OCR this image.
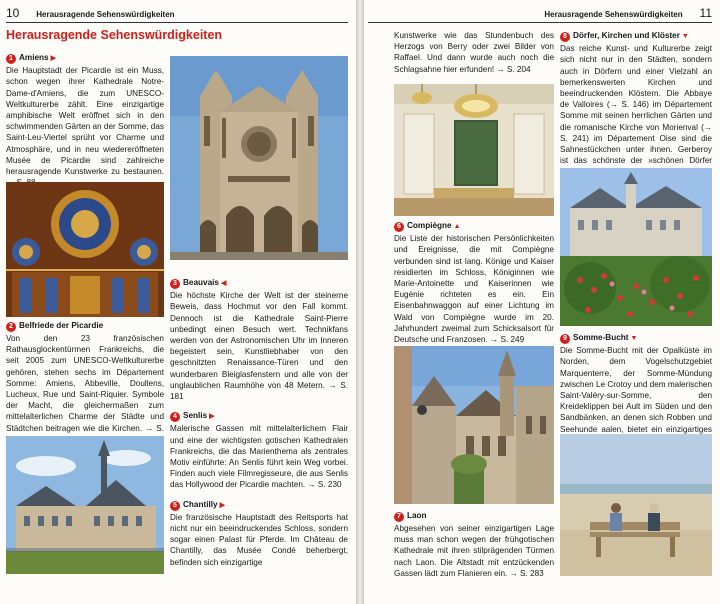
10 Herausragende Sehenswürdigkeiten
Herausragende Sehenswürdigkeiten
1 Amiens ▶
Die Hauptstadt der Picardie ist ein Muss, schon wegen ihrer Kathedrale Notre-Dame-d'Amiens, die zum UNESCO-Weltkulturerbe zählt. Eine einzigartige amphibische Welt eröffnet sich in den schwimmenden Gärten an der Somme, das Saint-Leu-Viertel sprüht vor Charme und Atmosphäre, und in neu wiedereröffneten Musée de Picardie sind zahlreiche herausragende Kunstwerke zu bestaunen.
2 Belfriede der Picardie
Von den 23 französischen Rathausglockentürmen Frankreichs, die seit 2005 zum UNESCO-Weltkulturerbe gehören, stehen sechs im Département Somme: Amiens, Abbeville, Doullens, Lucheux, Rue und Saint-Riquier. Symbole der Macht, die gleichermaßen zum mittelalterlichen Charme der Städte und Städtchen beitragen wie die Kirchen. → S.
3 Beauvais ◀
Die höchste Kirche der Welt ist der steinerne Beweis, dass Hochmut vor den Fall kommt. Dennoch ist die Kathedrale Saint-Pierre unbedingt einen Besuch wert. Technikfans werden von der Astronomischen Uhr im Inneren begeistert sein, Kunstliebhaber von den geschnitzten Renaissance-Türen und den wunderbaren Bleiglasfenstern und alle von der unglaublichen Raumhöhe von 48 Metern. → S. 181
4 Senlis ▶
Malerische Gassen mit mittelalterlichem Flair und eine der wichtigsten gotischen Kathedralen Frankreichs, die das Marienthema als zentrales Motiv einführte: An Senlis führt kein Weg vorbei. Finden auch viele Filmregisseure, die aus Senlis das Hollywood der Picardie machten. → S. 230
5 Chantilly ▶
Die französische Hauptstadt des Reitsports hat nicht nur ein beeindruckendes Schloss, sondern sogar einen Palast für Pferde. Im Château de Chantilly, das Musée Condé beherbergt, befinden sich einzigartige
Herausragende Sehenswürdigkeiten 11
Kunstwerke wie das Stundenbuch des Herzogs von Berry oder zwei Bilder von Raffael. Und dann wurde auch noch die Schlagsahne hier erfunden! → S. 204
6 Compiègne ▲
Die Liste der historischen Persönlichkeiten und Ereignisse, die mit Compiègne verbunden sind ist lang. Könige und Kaiser residierten im Schloss, Königinnen wie Marie-Antoinette und Kaiserinnen wie Eugénie richteten es ein. Ein Eisenbahnwaggon auf einer Lichtung im Wald von Compiègne wurde im 20. Jahrhundert zweimal zum Schicksalsort für Deutsche und Franzosen. → S. 249
7 Laon
Abgesehen von seiner einzigartigen Lage muss man schon wegen der frühgotischen Kathedrale mit ihren stilprägenden Türmen nach Laon. Die Altstadt mit entzückenden Gassen lädt zum Flanieren ein. → S. 283
8 Dörfer, Kirchen und Klöster ▼
Das reiche Kunst- und Kulturerbe zeigt sich nicht nur in den Städten, sondern auch in Dörfern und einer Vielzahl an bemerkenswerten Kirchen und beeindruckenden Klöstern. Die Abbaye de Valloires (→ S. 146) im Département Somme mit seinen herrlichen Gärten und die romanische Kirche von Morienval (→ S. 241) im Département Oise sind die Sahnestückchen unter ihnen. Gerberoy ist das schönste der »schönen Dörfer
9 Somme-Bucht ▼
Die Somme-Bucht mit der Opalküste im Norden, dem Vogelschutzgebiet Marquenterre, der Somme-Mündung zwischen Le Crotoy und dem malerischen Saint-Valéry-sur-Somme, den Kreideklippen bei Ault im Süden und den Sandbänken, an denen sich Robben und Seehunde aalen, bietet ein einzigartiges
